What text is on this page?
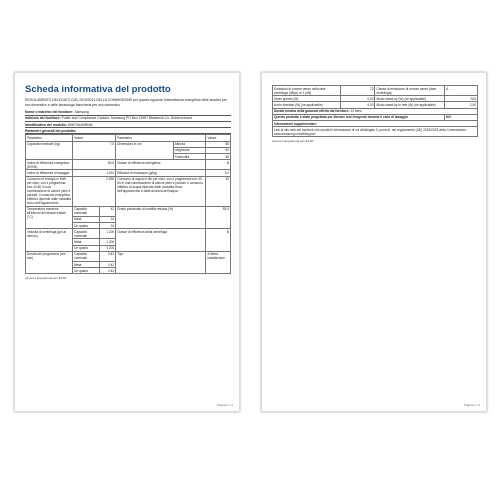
Scheda informativa del prodotto
REGOLAMENTO DELEGATO (UE) 2019/2014 DELLA COMMISSIONE per quanto riguarda l'etichettatura energetica delle lavatrici per uso domestico e delle lavasciuga biancheria per uso domestico
Nome o marchio del fornitore: Samsung
Indirizzo del fornitore: Public and Compliance Contact, Samsung PO Box 12987 Blackrock Co. Dublin Ireland
Identificativo del modello: WW70A45/BNM
Parametri generali del prodotto:
Parametro	Valore		Parametro		Valore
Capacità nominale (kg)	7,0		Dimensioni in cm	Altezza	85
				Larghezza	60
				Profondità	55
Indice di efficienza energetica (EEIW)	80,0		Classe di efficienza energetica		B
Indice di efficienza di lavaggio	1,031		Efficacia di risciacquo (g/kg)		5,0
Consumo di energia in kWh per ciclo, con il programma eco 40-60 in una combinazione di carichi pieni e parziali. Il consumo energetico effettivo dipende dalle modalità d'uso dell'apparecchio.	0,690		Consumo di acqua in litri per ciclo, con il programma eco 40-60 in una combinazione di carichi pieni e parziali. Il consumo effettivo di acqua dipende dalle modalità d'uso dell'apparecchio e dalla durezza dell'acqua.		45
Temperatura massima all'interno dei tessuti trattati (°C)	Capacità nominale	42	Grado ponderato di umidità residua (%)		53,9
	Metà	34			
	Un quarto	24			
Velocità di centrifuga (giri al minuto)	Capacità nominale	1 200	Classe di efficienza della centrifuga		B
	Metà	1 200			
	Un quarto	1 200			
Durata del programma (ore : min)	Capacità nominale	3:42	Tipo		A libera installazione
	Metà	2:42			
	Un quarto	2:42			
(a) per il programma eco 40-60
Pagina 1 / 2
Emissioni di rumore aereo nella fase centrifuga (dB(A) re 1 pW)	72	Classe di emissione di rumore aereo (fase centrifuga)	A
Modo spento (W)	0,50	Modo stand-by (W) (se applicabile)	N/A
Avvio ritardato (W) (se applicabile)	4,00	Modo stand-by in rete (W) (se applicabile)	2,00
Durata minima della garanzia offerta dal fornitore: 24 mesi			
Questo prodotto è stato progettato per liberare ioni d'argento durante il ciclo di lavaggio			NO
Informazioni supplementari:			
Link al sito web del fornitore che riporta le informazioni di cui all'allegato II, punto 6, del regolamento (UE) 2019/2023 della Commissione: www.samsung.com/it/support			
(a) per il programma eco 40-60
Pagina 2 / 2
